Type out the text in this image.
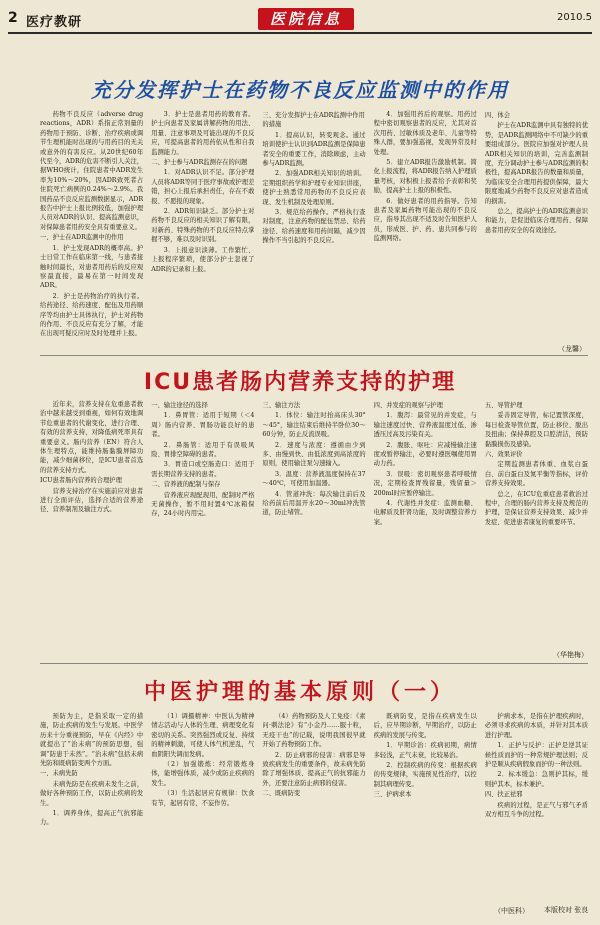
2 医疗教研	医院信息	2010.5
充分发挥护士在药物不良反应监测中的作用

药物不良反应（adverse drug reactions，ADR）系指正常剂量的药物用于预防、诊断、治疗疾病或调节生理机能时出现的与用药目的无关或意外的有害反应。从20世纪60年代至今，ADR的危害不断引人关注，据WHO统计，住院患者中ADR发生率为10%～20%，因ADR致死者占住院死亡病例的0.24%～2.9%。我国药品不良反应监测数据显示，ADR报告中护士上报比例较低，加强护理人员对ADR的认识、提高监测意识，对保障患者用药安全具有重要意义。

一、护士在ADR监测中的作用

1．护士发现ADR的概率高。护士日常工作在临床第一线，与患者接触时间最长，对患者用药后的反应观察最直接，最易在第一时间发现ADR。

2．护士是药物治疗的执行者。给药途径、给药速度、配伍及用药顺序等均由护士具体执行，护士对药物的作用、不良反应有充分了解，才能在出现可疑反应时及时处理并上报。

3．护士是患者用药的教育者。护士向患者及家属讲解药物的用法、用量、注意事项及可能出现的不良反应，可提高患者的用药依从性和自我监测能力。

二、护士参与ADR监测存在的问题

1．对ADR认识不足。部分护理人员将ADR等同于医疗事故或护理差错，担心上报后承担责任，存在不敢报、不愿报的现象。

2．ADR知识缺乏。部分护士对药物不良反应的相关知识了解有限，对新药、特殊药物的不良反应特点掌握不够，难以及时识别。

3．上报意识淡薄。工作繁忙、上报程序繁琐，使部分护士忽视了ADR的记录和上报。

三、充分发挥护士在ADR监测中作用的措施

1．提高认识，转变观念。通过培训使护士认识到ADR监测是保障患者安全的重要工作，消除顾虑，主动参与ADR监测。

2．加强ADR相关知识的培训。定期组织药学和护理专业知识讲座，使护士熟悉常用药物的不良反应表现、发生机制及处理原则。

3．规范给药操作。严格执行查对制度，注意药物的配伍禁忌、给药途径、给药速度和用药间隔，减少因操作不当引起的不良反应。

4．加强用药后的观察。用药过程中密切观察患者的反应，尤其对首次用药、过敏体质及老年、儿童等特殊人群，要加强巡视，发现异常及时处理。

5．建立ADR报告激励机制。简化上报流程，将ADR报告纳入护理质量考核，对积极上报者给予表彰和奖励，提高护士上报的积极性。

6．做好患者的用药指导。告知患者及家属药物可能出现的不良反应，指导其出现不适及时告知医护人员，形成医、护、药、患共同参与的监测网络。

四、体会

护士在ADR监测中具有独特的优势，是ADR监测网络中不可缺少的重要组成部分。医院应加强对护理人员ADR相关知识的培训，完善监测制度，充分调动护士参与ADR监测的积极性，提高ADR报告的数量和质量，为临床安全合理用药提供保障，最大限度地减少药物不良反应对患者造成的损害。

总之，提高护士的ADR监测意识和能力，是促进临床合理用药、保障患者用药安全的有效途径。

（龙馨）
ICU患者肠内营养支持的护理

近年来，营养支持在危重患者救治中越来越受到重视，如何有效地调节危重患者的代谢变化，进行合理、有效的营养支持，对降低病死率具有重要意义。肠内营养（EN）符合人体生理特点，能维持肠黏膜屏障功能，减少细菌移位，是ICU患者首选的营养支持方式。

ICU患者肠内营养的合理护理

营养支持治疗在实施前应对患者进行全面评估，选择合适的营养途径、营养制剂及输注方式。

一、输注途径的选择

1．鼻胃管：适用于短期（＜4周）肠内营养、胃肠功能良好的患者。

2．鼻肠管：适用于有误吸风险、胃排空障碍的患者。

3．胃造口或空肠造口：适用于需长期营养支持的患者。

二、营养液的配制与保存

营养液应现配现用，配制时严格无菌操作，暂不用时置4℃冰箱保存，24小时内用完。

三、输注方法

1．体位：输注时抬高床头30°～45°，输注结束后维持半卧位30～60分钟，防止反流误吸。

2．速度与浓度：遵循由少到多、由慢到快、由低浓度到高浓度的原则，使用输注泵匀速输入。

3．温度：营养液温度保持在37～40℃，可使用加温器。

4．管道冲洗：每次输注前后及给药前后用温开水20～30ml冲洗管道，防止堵管。

四、并发症的观察与护理

1．腹泻：最常见的并发症，与输注速度过快、营养液温度过低、渗透压过高及污染有关。

2．腹胀、呕吐：应减慢输注速度或暂停输注，必要时遵医嘱使用胃动力药。

3．误吸：密切观察患者呼吸情况，定期检查胃残留量，残留量＞200ml时应暂停输注。

4．代谢性并发症：监测血糖、电解质及肝肾功能，及时调整营养方案。

五、导管护理

妥善固定导管，标记置管深度，每日检查导管位置，防止移位、脱出及扭曲；保持鼻腔及口腔清洁，预防黏膜损伤及感染。

六、效果评价

定期监测患者体重、血浆白蛋白、前白蛋白及氮平衡等指标，评价营养支持效果。

总之，在ICU危重症患者救治过程中，合理的肠内营养支持及规范的护理，是保证营养支持效果、减少并发症、促进患者康复的重要环节。

（华艳梅）
中医护理的基本原则（一）

预防为主，是指采取一定的措施，防止疾病的发生与发展。中医学历来十分重视预防，早在《内经》中就提出了“治未病”的预防思想，强调“防患于未然”。“治未病”包括未病先防和既病防变两个方面。

一、未病先防

未病先防是在疾病未发生之前，做好各种预防工作，以防止疾病的发生。

1．调养身体，提高正气抗邪能力。

（1）调摄精神：中医认为精神情志活动与人体的生理、病理变化有密切的关系。突然强烈或反复、持续的精神刺激，可使人体气机逆乱，气血阴阳失调而发病。

（2）加强锻炼：经常锻炼身体，能增强体质，减少或防止疾病的发生。

（3）生活起居应有规律：饮食有节，起居有常，不妄作劳。

（4）药物预防及人工免疫：《素问·刺法论》有“小金丹……服十粒，无疫干也”的记载，说明我国很早就开始了药物预防工作。

2．防止病邪的侵害：病邪是导致疾病发生的重要条件，故未病先防除了增强体质、提高正气的抗邪能力外，还要注意防止病邪的侵害。

二、既病防变

既病防变，是指在疾病发生以后，应早期诊断，早期治疗，以防止疾病的发展与传变。

1．早期诊治：疾病初期，病情多轻浅，正气未衰，比较易治。

2．控制疾病的传变：根据疾病的传变规律，实施预见性治疗，以控制其病理传变。

三、护病求本

护病求本，是指在护理疾病时，必须寻求疾病的本质，并针对其本质进行护理。

1．正护与反护：正护是逆其证候性质而护的一种常规护理法则；反护是顺从疾病假象而护的一种法则。

2．标本缓急：急则护其标，缓则护其本，标本兼护。

四、扶正祛邪

疾病的过程，是正气与邪气矛盾双方相互斗争的过程。

（中医科） 本版校对 张良
